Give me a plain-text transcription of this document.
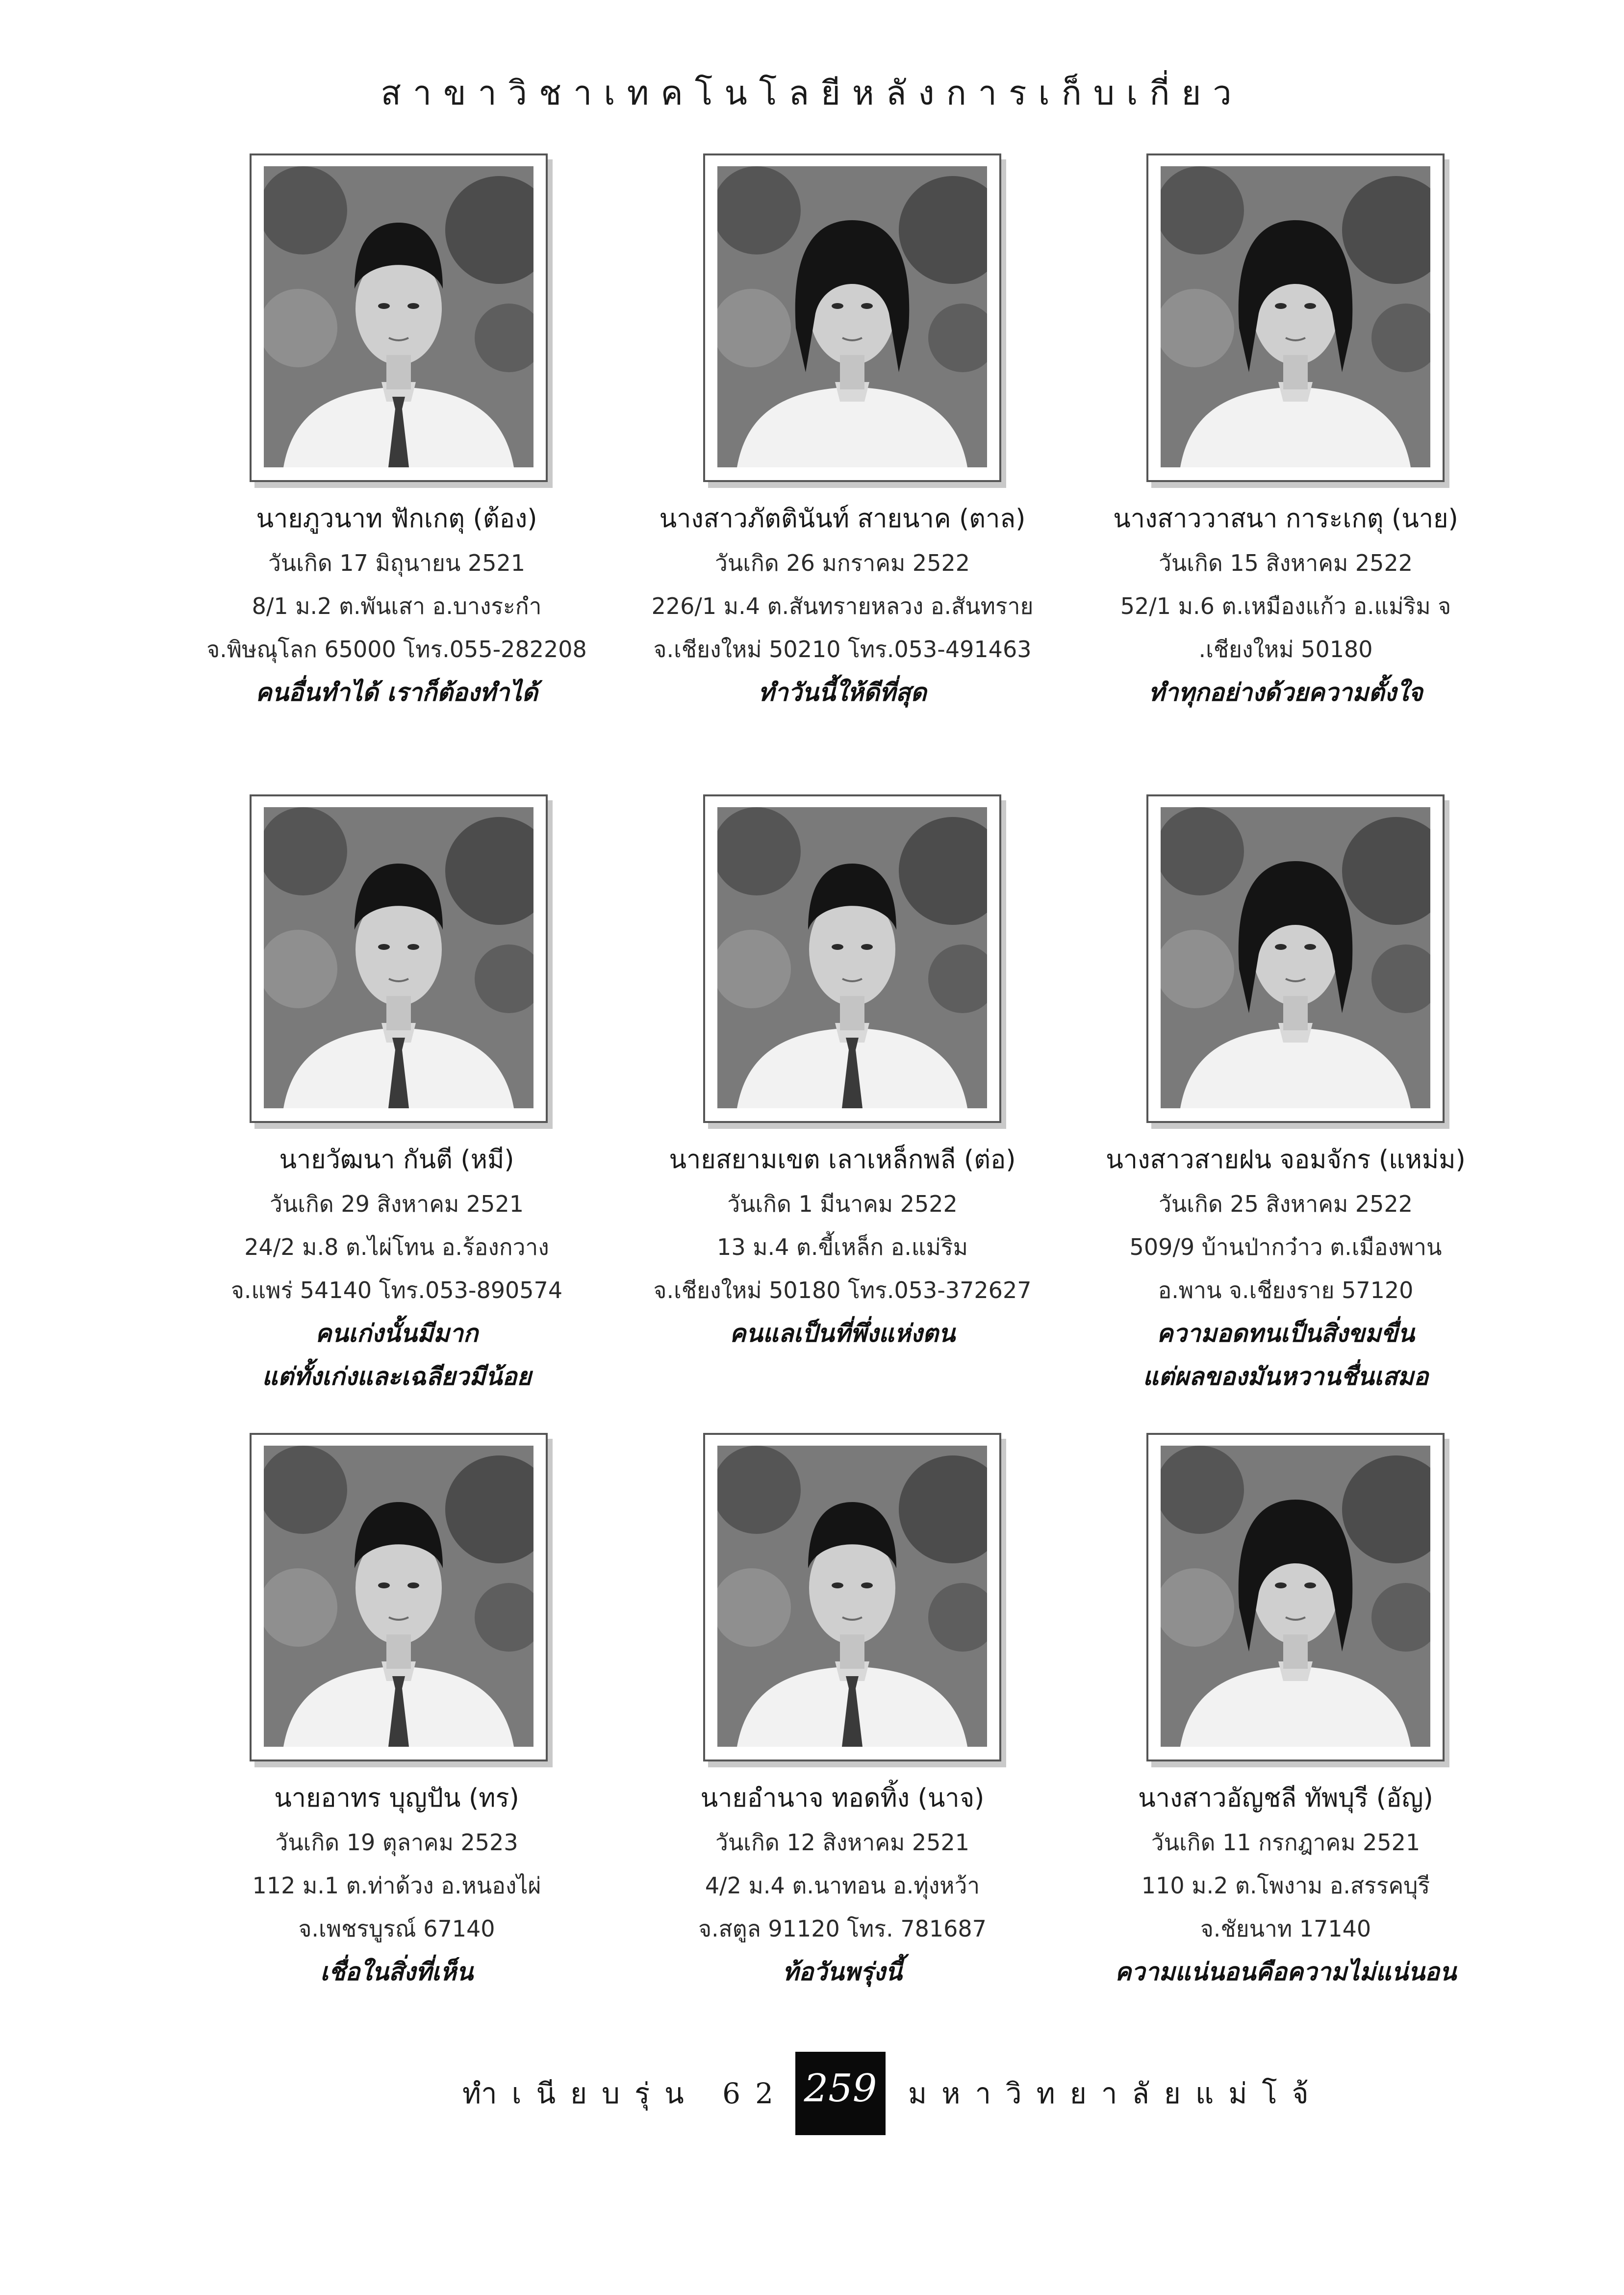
สาขาวิชาเทคโนโลยีหลังการเก็บเกี่ยว
นายภูวนาท ฟักเกตุ (ต้อง)
วันเกิด 17 มิถุนายน 2521
8/1 ม.2 ต.พันเสา อ.บางระกำ
จ.พิษณุโลก 65000 โทร.055-282208
คนอื่นทำได้ เราก็ต้องทำได้
นางสาวภัตตินันท์ สายนาค (ตาล)
วันเกิด 26 มกราคม 2522
226/1 ม.4 ต.สันทรายหลวง อ.สันทราย
จ.เชียงใหม่ 50210 โทร.053-491463
ทำวันนี้ให้ดีที่สุด
นางสาววาสนา การะเกตุ (นาย)
วันเกิด 15 สิงหาคม 2522
52/1 ม.6 ต.เหมืองแก้ว อ.แม่ริม จ
.เชียงใหม่ 50180
ทำทุกอย่างด้วยความตั้งใจ
นายวัฒนา กันตี (หมี)
วันเกิด 29 สิงหาคม 2521
24/2 ม.8 ต.ไผ่โทน อ.ร้องกวาง
จ.แพร่ 54140 โทร.053-890574
คนเก่งนั้นมีมาก
แต่ทั้งเก่งและเฉลียวมีน้อย
นายสยามเขต เลาเหล็กพลี (ต่อ)
วันเกิด 1 มีนาคม 2522
13 ม.4 ต.ขี้เหล็ก อ.แม่ริม
จ.เชียงใหม่ 50180 โทร.053-372627
คนแลเป็นที่พึ่งแห่งตน
นางสาวสายฝน จอมจักร (แหม่ม)
วันเกิด 25 สิงหาคม 2522
509/9 บ้านป่ากว๋าว ต.เมืองพาน
อ.พาน จ.เชียงราย 57120
ความอดทนเป็นสิ่งขมขื่น
แต่ผลของมันหวานชื่นเสมอ
นายอาทร บุญปัน (ทร)
วันเกิด 19 ตุลาคม 2523
112 ม.1 ต.ท่าด้วง อ.หนองไผ่
จ.เพชรบูรณ์ 67140
เชื่อในสิ่งที่เห็น
นายอำนาจ ทอดทิ้ง (นาจ)
วันเกิด 12 สิงหาคม 2521
4/2 ม.4 ต.นาทอน อ.ทุ่งหว้า
จ.สตูล 91120 โทร. 781687
ท้อวันพรุ่งนี้
นางสาวอัญชลี ทัพบุรี (อัญ)
วันเกิด 11 กรกฎาคม 2521
110 ม.2 ต.โพงาม อ.สรรคบุรี
จ.ชัยนาท 17140
ความแน่นอนคือความไม่แน่นอน
ทำเนียบรุ่น 62 259	มหาวิทยาลัยแม่โจ้
